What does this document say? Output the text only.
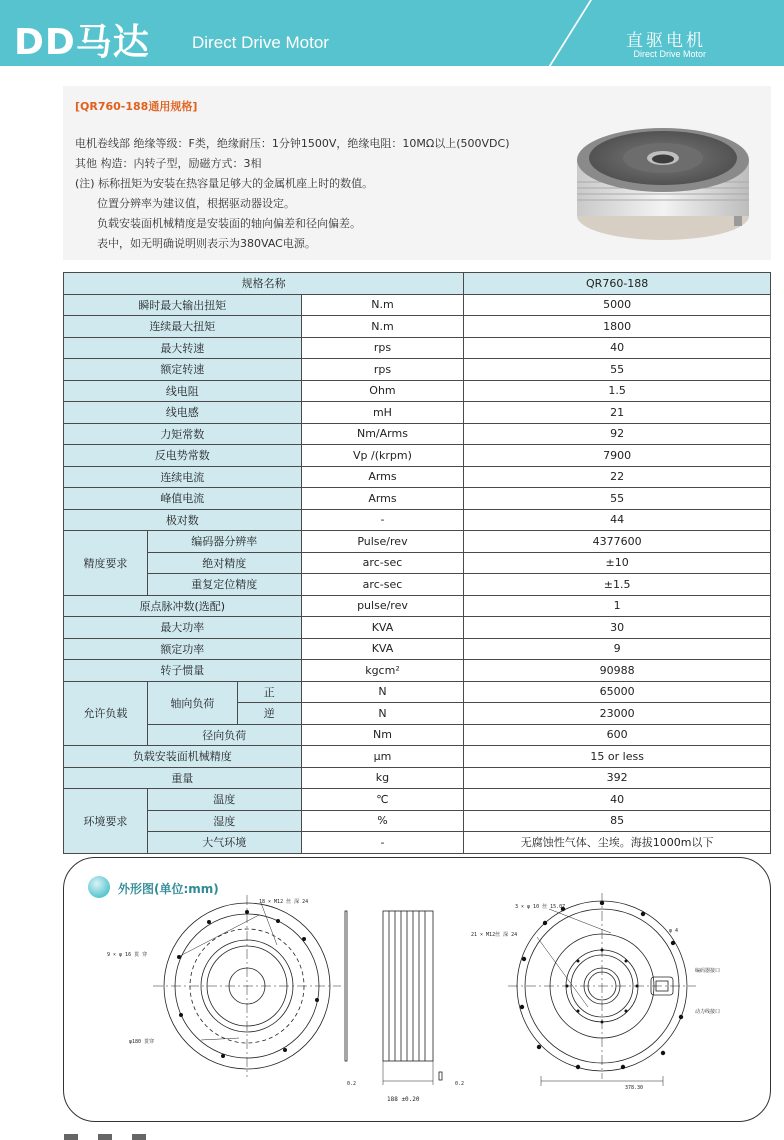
DD马达 Direct Drive Motor	直驱电机
Direct Drive Motor
[QR760-188通用规格]
电机卷线部 绝缘等级：F类，绝缘耐压：1分钟1500V，绝缘电阻：10MΩ以上(500VDC)
其他 构造：内转子型，励磁方式：3相
(注) 标称扭矩为安装在热容量足够大的金属机座上时的数值。
位置分辨率为建议值，根据驱动器设定。
负载安装面机械精度是安装面的轴向偏差和径向偏差。
表中，如无明确说明则表示为380VAC电源。
规格名称				QR760-188
瞬时最大输出扭矩			N.m	5000
连续最大扭矩			N.m	1800
最大转速			rps	40
额定转速			rps	55
线电阻			Ohm	1.5
线电感			mH	21
力矩常数			Nm/Arms	92
反电势常数			Vp /(krpm)	7900
连续电流			Arms	22
峰值电流			Arms	55
极对数			-	44
精度要求	编码器分辨率		Pulse/rev	4377600
	绝对精度		arc-sec	±10
	重复定位精度		arc-sec	±1.5
原点脉冲数(选配)			pulse/rev	1
最大功率			KVA	30
额定功率			KVA	9
转子惯量			kgcm²	90988
允许负载	轴向负荷	正	N	65000
		逆	N	23000
	径向负荷		Nm	600
负载安装面机械精度			μm	15 or less
重量			kg	392
环境要求	温度		℃	40
	湿度		%	85
	大气环境		-	无腐蚀性气体、尘埃。海拔1000m以下
外形图(单位:mm)
18 × M12 丝 深 24
9 × φ 16 贯 穿
φ180 贯穿
188 ±0.20
378.30
3 × φ 10 丝 15.07
21 × M12丝 深 24
φ 4
编码器接口
动力线接口
0.2	0.2
